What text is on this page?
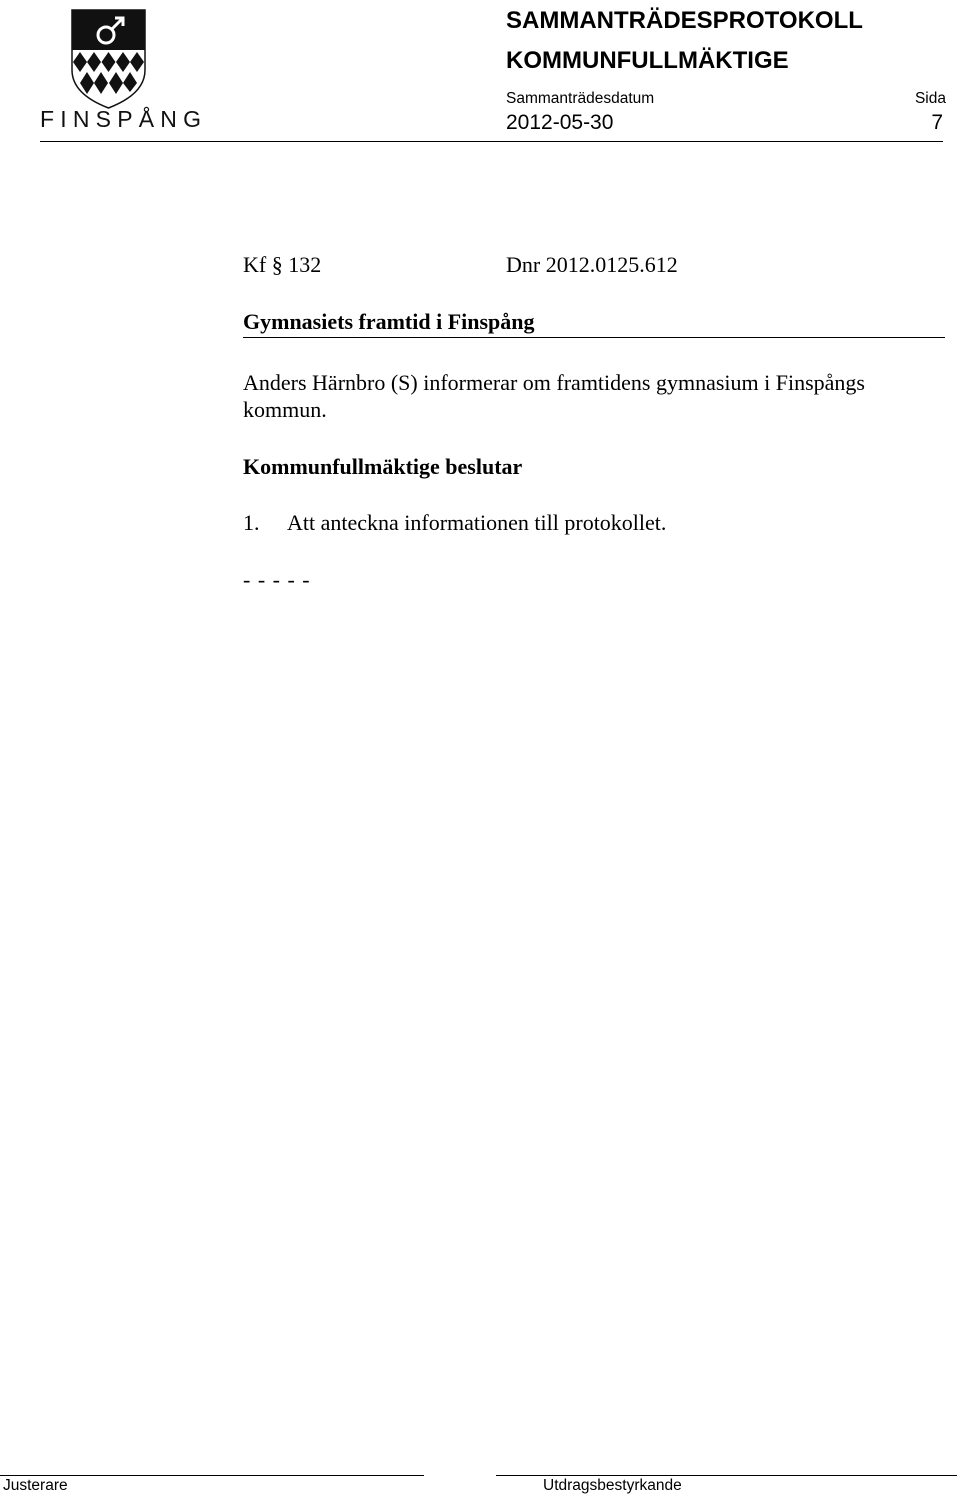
FINSPÅNG
SAMMANTRÄDESPROTOKOLL
KOMMUNFULLMÄKTIGE
Sammanträdesdatum
2012-05-30
Sida
7
Kf § 132	Dnr 2012.0125.612
Gymnasiets framtid i Finspång
Anders Härnbro (S) informerar om framtidens gymnasium i Finspångs
kommun.
Kommunfullmäktige beslutar
1. Att anteckna informationen till protokollet.
- - - - -
Justerare	Utdragsbestyrkande
